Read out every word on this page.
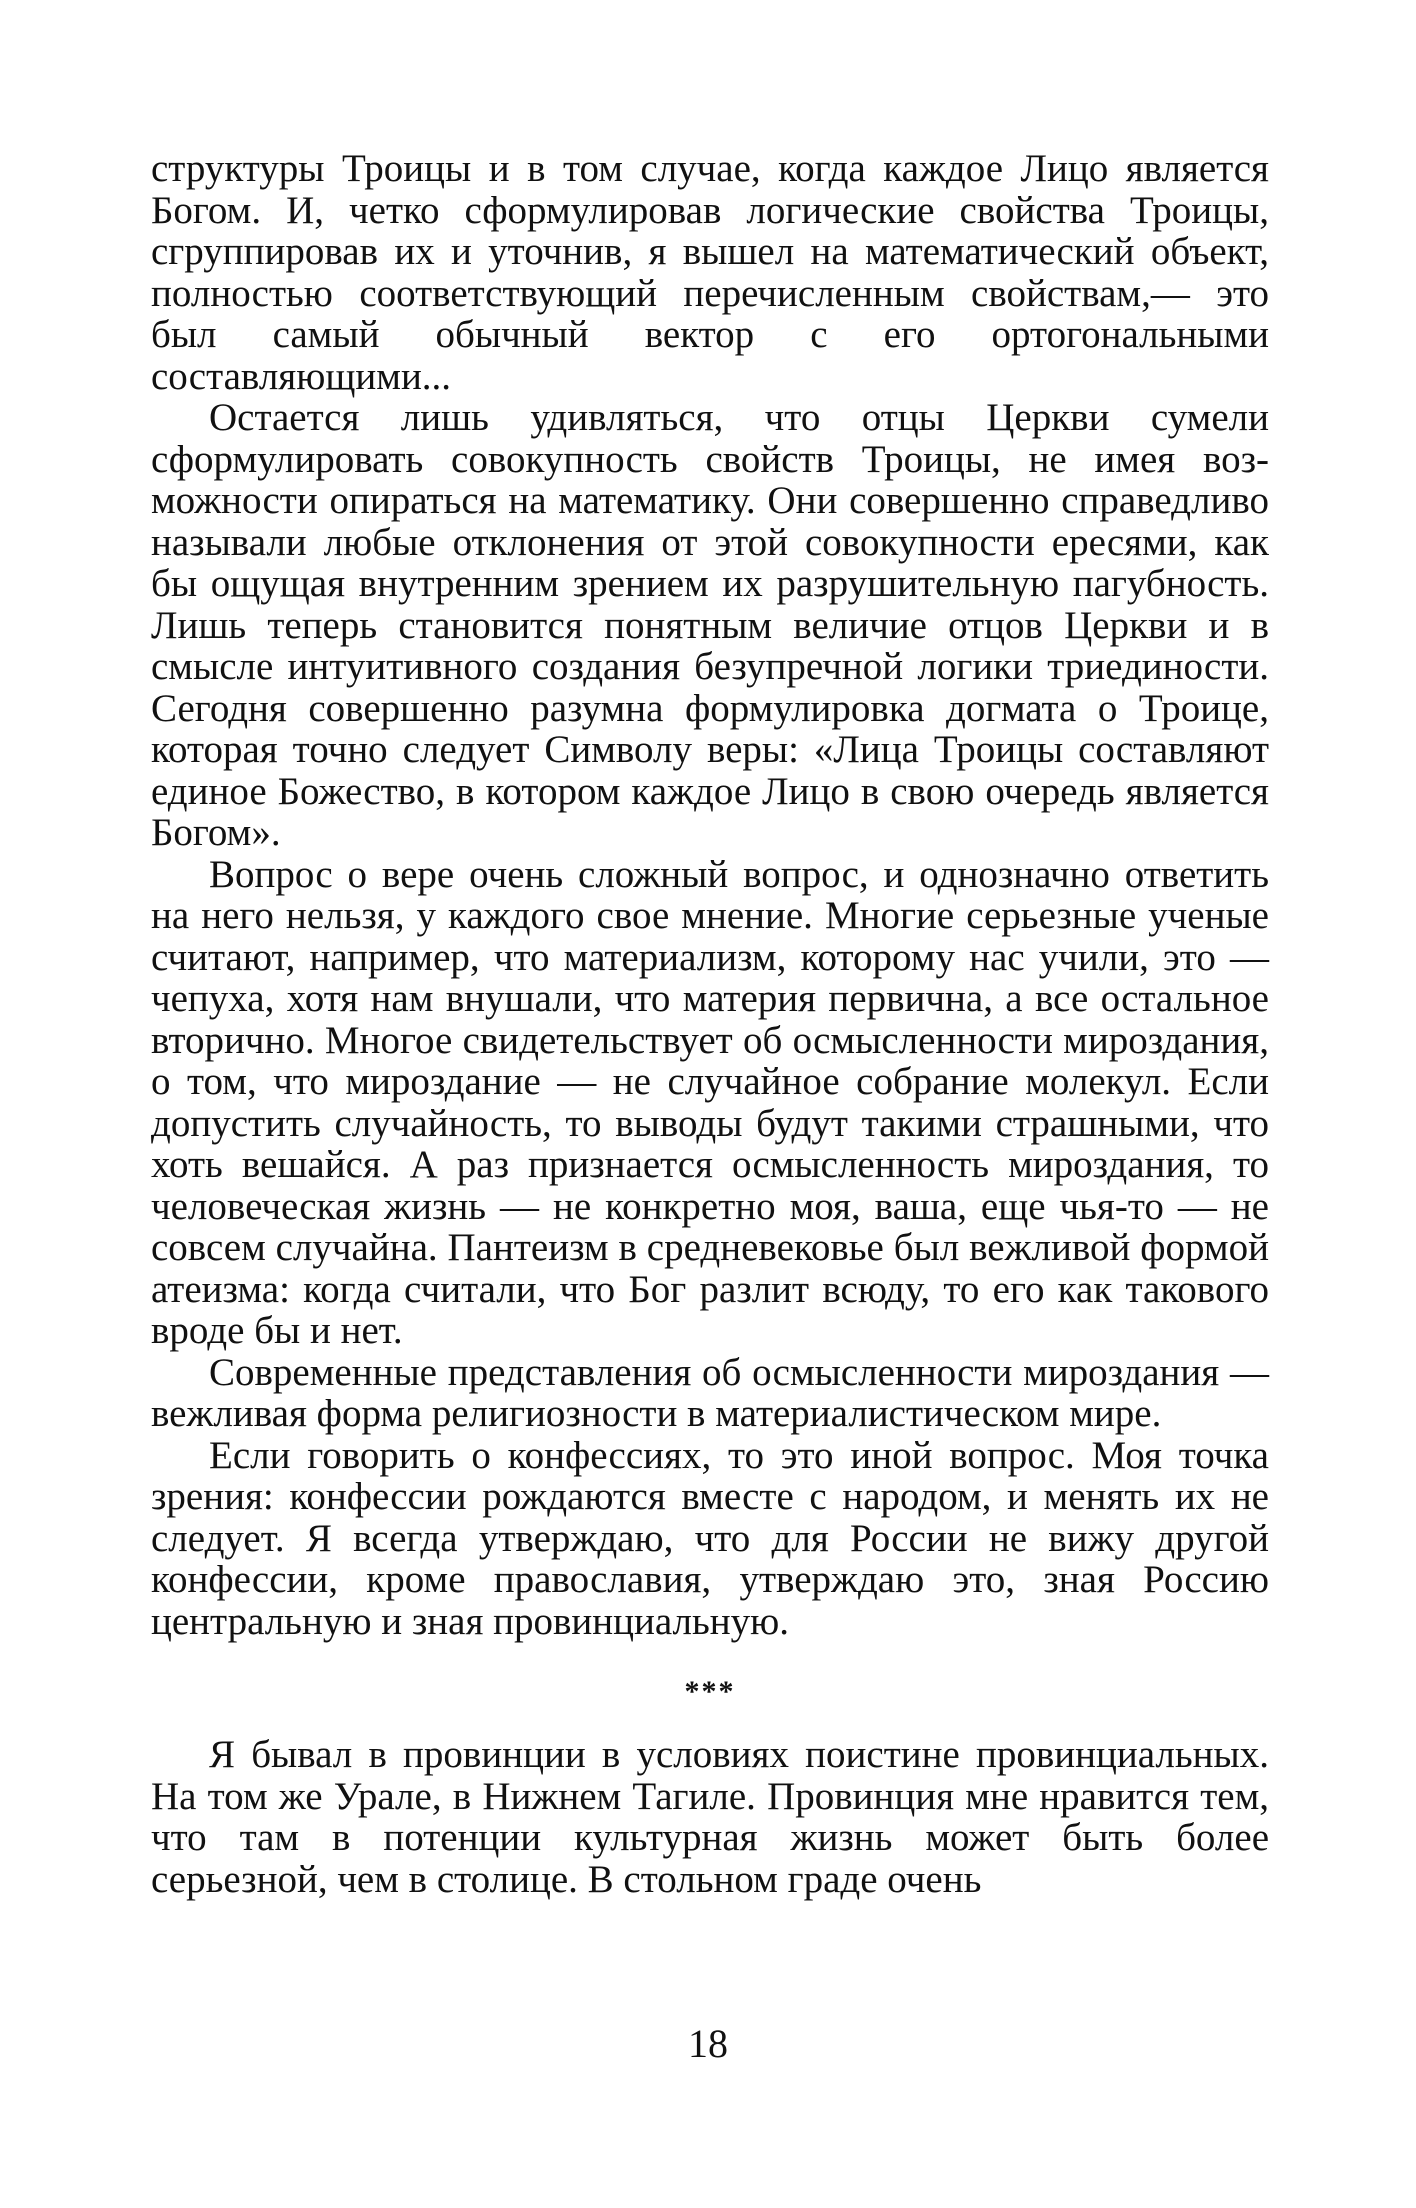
структуры Троицы и в том случае, когда каждое Лицо является Богом. И, четко сформулировав логические свойства Троицы, сгруппировав их и уточнив, я вышел на математический объект, полностью соответствующий перечисленным свойствам,— это был самый обычный вектор с его ортогональными составляющими...

Остается лишь удивляться, что отцы Церкви сумели сформулировать совокупность свойств Троицы, не имея возможности опираться на математику. Они совершенно справедливо называли любые отклонения от этой совокупности ересями, как бы ощущая внутренним зрением их разрушительную пагубность. Лишь теперь становится понятным величие отцов Церкви и в смысле интуитивного создания безупречной логики триединости. Сегодня совершенно разумна формулировка догмата о Троице, которая точно следует Символу веры: «Лица Троицы составляют единое Божество, в котором каждое Лицо в свою очередь является Богом».

Вопрос о вере очень сложный вопрос, и однозначно ответить на него нельзя, у каждого свое мнение. Многие серьезные ученые считают, например, что материализм, которому нас учили, это — чепуха, хотя нам внушали, что материя первична, а все остальное вторично. Многое свидетельствует об осмысленности мироздания, о том, что мироздание — не случайное собрание молекул. Если допустить случайность, то выводы будут такими страшными, что хоть вешайся. А раз признается осмысленность мироздания, то человеческая жизнь — не конкретно моя, ваша, еще чья-то — не совсем случайна. Пантеизм в средневековье был вежливой формой атеизма: когда считали, что Бог разлит всюду, то его как такового вроде бы и нет.

Современные представления об осмысленности мироздания — вежливая форма религиозности в материалистическом мире.

Если говорить о конфессиях, то это иной вопрос. Моя точка зрения: конфессии рождаются вместе с народом, и менять их не следует. Я всегда утверждаю, что для России не вижу другой конфессии, кроме православия, утверждаю это, зная Россию центральную и зная провинциальную.

***

Я бывал в провинции в условиях поистине провинциальных. На том же Урале, в Нижнем Тагиле. Провинция мне нравится тем, что там в потенции культурная жизнь может быть более серьезной, чем в столице. В стольном граде очень

18
